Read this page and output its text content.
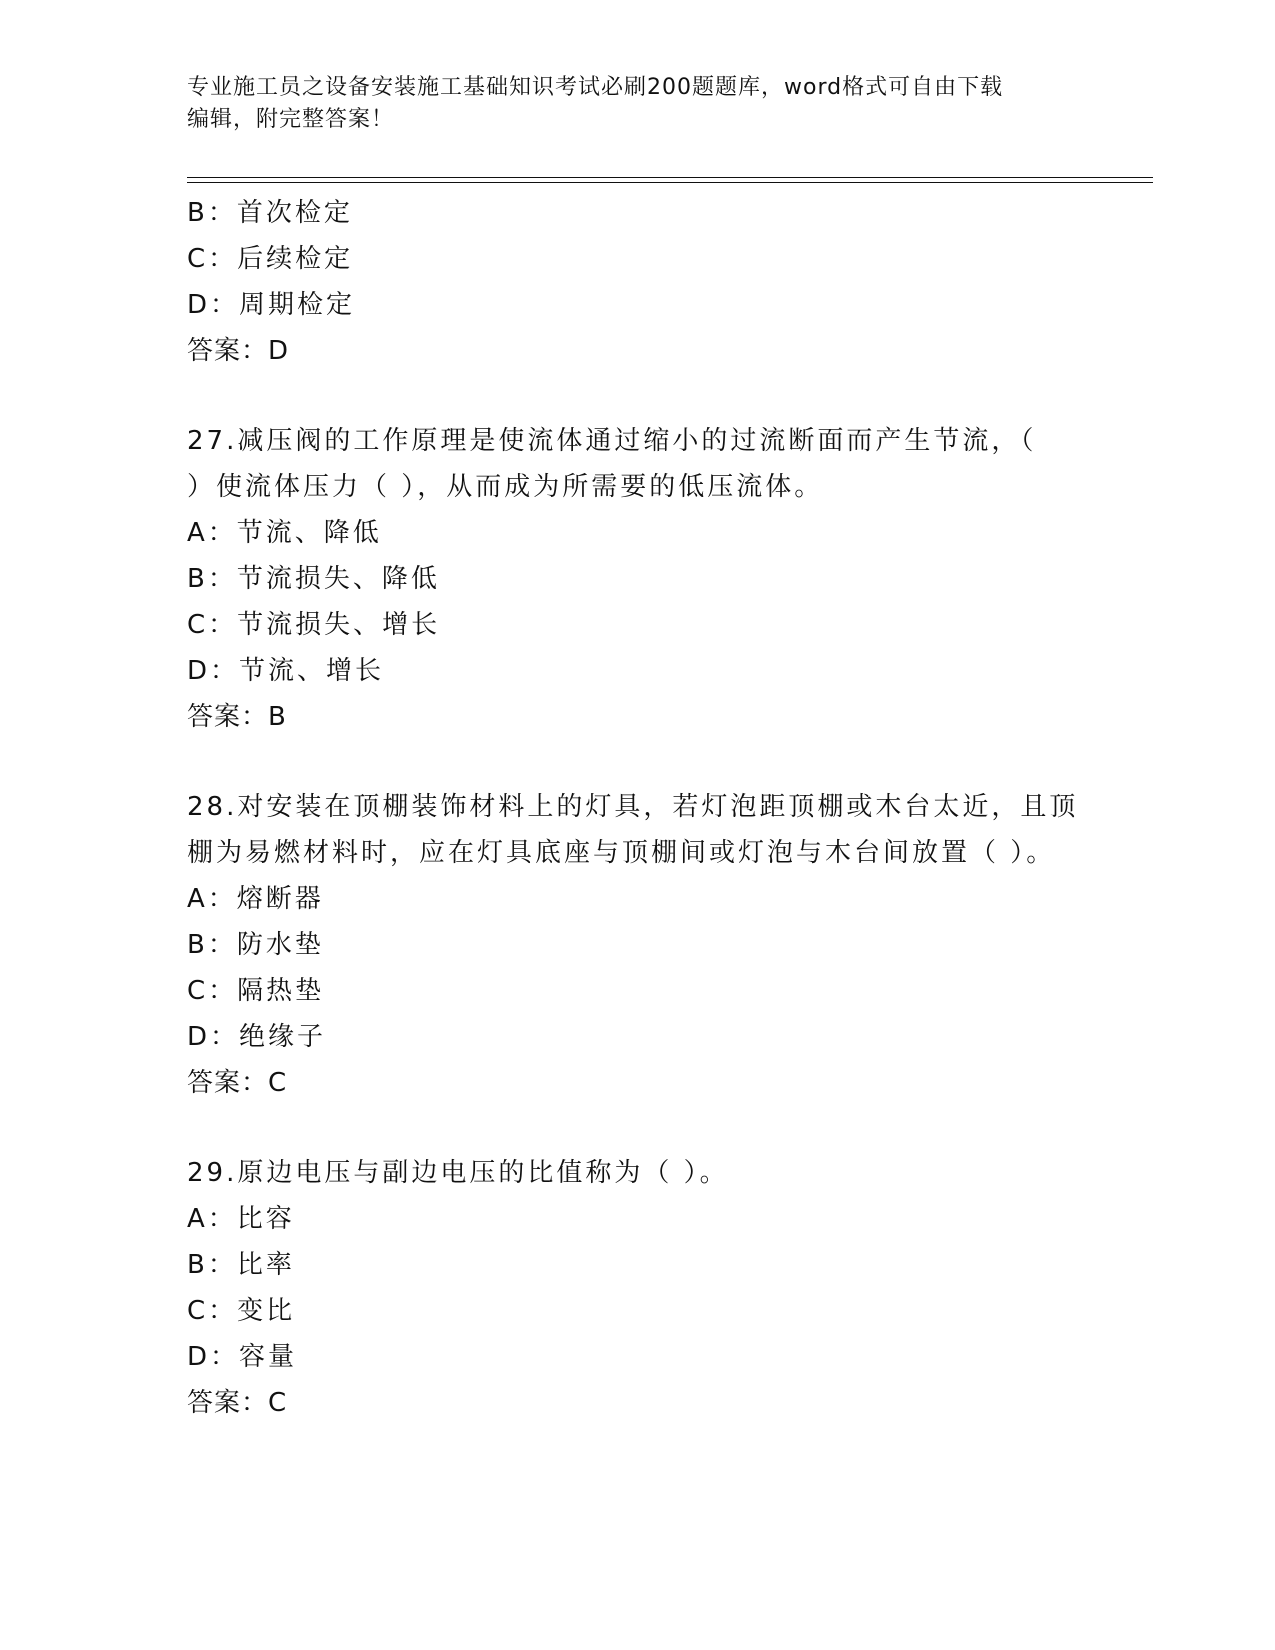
专业施工员之设备安装施工基础知识考试必刷200题题库，word格式可自由下载
编辑，附完整答案！
B：首次检定
C：后续检定
D：周期检定
答案：D
27.减压阀的工作原理是使流体通过缩小的过流断面而产生节流，（
）使流体压力（ ），从而成为所需要的低压流体。
A：节流、降低
B：节流损失、降低
C：节流损失、增长
D：节流、增长
答案：B
28.对安装在顶棚装饰材料上的灯具，若灯泡距顶棚或木台太近，且顶
棚为易燃材料时，应在灯具底座与顶棚间或灯泡与木台间放置（ ）。
A：熔断器
B：防水垫
C：隔热垫
D：绝缘子
答案：C
29.原边电压与副边电压的比值称为（ ）。
A：比容
B：比率
C：变比
D：容量
答案：C
